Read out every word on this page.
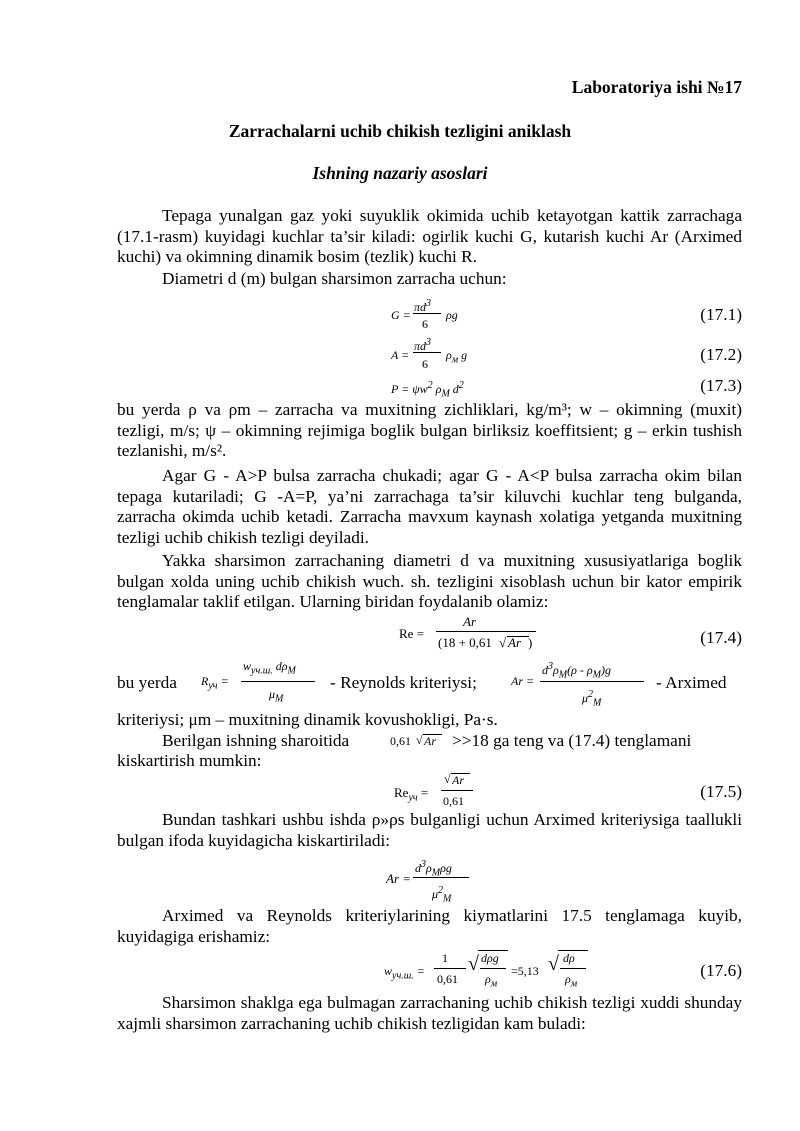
Laboratoriya ishi №17
Zarrachalarni uchib chikish tezligini aniklash
Ishning nazariy asoslari
Tepaga yunalgan gaz yoki suyuklik okimida uchib ketayotgan kattik zarrachaga (17.1-rasm) kuyidagi kuchlar ta’sir kiladi: ogirlik kuchi G, kutarish kuchi Ar (Arximed kuchi) va okimning dinamik bosim (tezlik) kuchi R.
Diametri d (m) bulgan sharsimon zarracha uchun:
G =
$\pi d^3$
6
ρg	(17.1)
A =
$\pi d^3$
6
$\rho_м$ g	(17.2)
$P = \psi w^2$ $\rho_М$ $d^2$	(17.3)
bu yerda ρ va ρm – zarracha va muxitning zichliklari, kg/m³; w – okimning (muxit) tezligi, m/s; ψ – okimning rejimiga boglik bulgan birliksiz koeffitsient; g – erkin tushish tezlanishi, m/s².
Agar G - A>P bulsa zarracha chukadi; agar G - A<P bulsa zarracha okim bilan tepaga kutariladi; G -A=P, ya’ni zarrachaga ta’sir kiluvchi kuchlar teng bulganda, zarracha okimda uchib ketadi. Zarracha mavxum kaynash xolatiga yetganda muxitning tezligi uchib chikish tezligi deyiladi.
Yakka sharsimon zarrachaning diametri d va muxitning xususiyatlariga boglik bulgan xolda uning uchib chikish wuch. sh. tezligini xisoblash uchun bir kator empirik tenglamalar taklif etilgan. Ularning biridan foydalanib olamiz:
Re =
Ar
(18 + 0,61 √ Ar )	(17.4)
bu yerda $R_{уч}$ =
$w_{уч.ш.}$ $d\rho_М$
$\mu_М$
- Reynolds kriteriysi;	Ar =
$d^3\rho_М(\rho - \rho_М)g$
$\mu^2_М$
- Arximed
kriteriysi; μm – muxitning dinamik kovushokligi, Pa·s.
Berilgan ishning sharoitida	0,61 √ Ar >>18 ga teng va (17.4) tenglamani
kiskartirish mumkin:
$Re_{уч}$ =
√ Ar
0,61	(17.5)
Bundan tashkari ushbu ishda ρ»ρs bulganligi uchun Arximed kriteriysiga taallukli bulgan ifoda kuyidagicha kiskartiriladi:
Ar =
$d^3\rho_М\rho g$
$\mu^2_М$
Arximed va Reynolds kriteriylarining kiymatlarini 17.5 tenglamaga kuyib, kuyidagiga erishamiz:
$w_{уч.ш.}$ =
1
0,61
√ dρg
$\rho_м$
=5,13 √ dρ
$\rho_м$
(17.6)
Sharsimon shaklga ega bulmagan zarrachaning uchib chikish tezligi xuddi shunday xajmli sharsimon zarrachaning uchib chikish tezligidan kam buladi:
